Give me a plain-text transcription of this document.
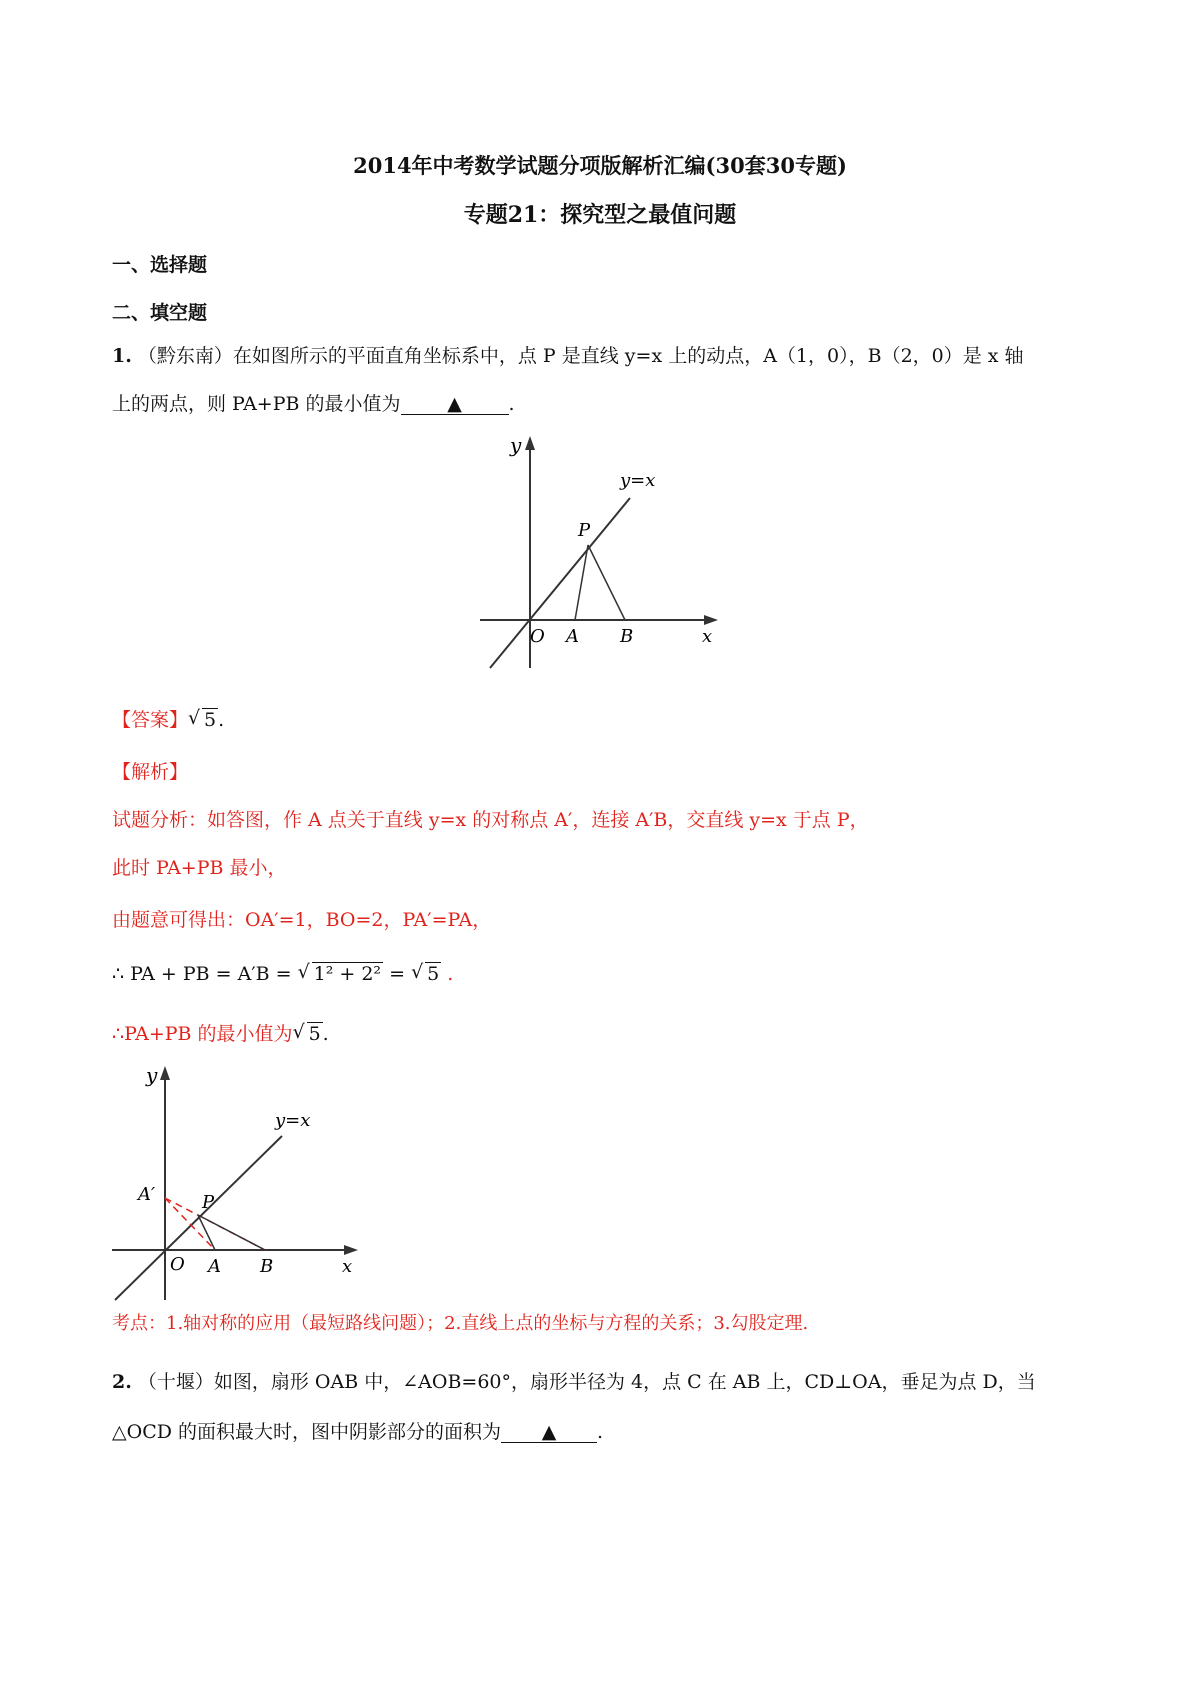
2014年中考数学试题分项版解析汇编(30套30专题)
专题21：探究型之最值问题
一、选择题
二、填空题
1. （黔东南）在如图所示的平面直角坐标系中，点 P 是直线 y=x 上的动点，A（1，0），B（2，0）是 x 轴
上的两点，则 PA+PB 的最小值为 ▲ .
y
y=x
P
O A B	x
【答案】 √ 5 .
【解析】
试题分析：如答图，作 A 点关于直线 y=x 的对称点 A′，连接 A′B，交直线 y=x 于点 P，
此时 PA+PB 最小，
由题意可得出：OA′=1，BO=2，PA′=PA，
∴ PA + PB = A′B = √ 1² + 2² = √ 5 .
∴PA+PB 的最小值为 √ 5 .
y
y=x
A′	P
O A B	x
考点：1.轴对称的应用（最短路线问题）；2.直线上点的坐标与方程的关系；3.勾股定理.
2. （十堰）如图，扇形 OAB 中，∠AOB=60°，扇形半径为 4，点 C 在 AB 上，CD⊥OA，垂足为点 D，当
△OCD 的面积最大时，图中阴影部分的面积为 ▲ .
